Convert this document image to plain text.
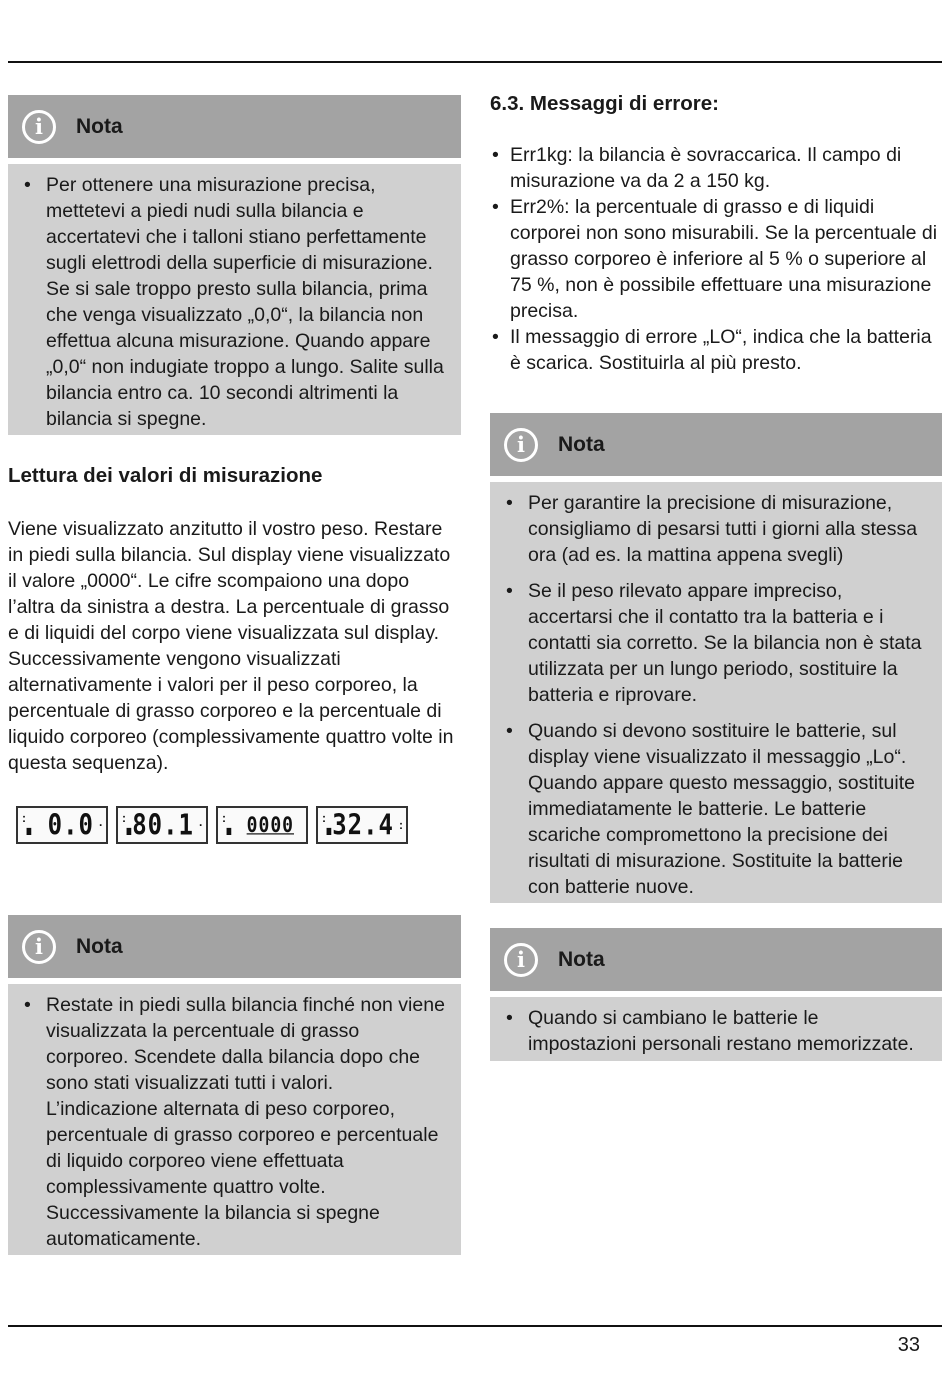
i	Nota
• Per ottenere una misurazione precisa, mettetevi a piedi nudi sulla bilancia e accertatevi che i talloni stiano perfettamente sugli elettrodi della superficie di misurazione. Se si sale troppo presto sulla bilancia, prima che venga visualizzato „0,0“, la bilancia non effettua alcuna misurazione. Quando appare „0,0“ non indugiate troppo a lungo. Salite sulla bilancia entro ca. 10 secondi altrimenti la bilancia si spegne.
Lettura dei valori di misurazione

Viene visualizzato anzitutto il vostro peso. Restare in piedi sulla bilancia. Sul display viene visualizzato il valore „0000“. Le cifre scompaiono una dopo l’altra da sinistra a destra. La percentuale di grasso e di liquidi del corpo viene visualizzata sul display. Successivamente vengono visualizzati alternativamente i valori per il peso corporeo, la percentuale di grasso corporeo e la percentuale di liquido corporeo (complessivamente quattro volte in questa sequenza).

:
▗ 0.0 · :
▗ 80.1 · :
▗ 0000 :
▗ 32.4 :
i	Nota
• Restate in piedi sulla bilancia finché non viene visualizzata la percentuale di grasso corporeo. Scendete dalla bilancia dopo che sono stati visualizzati tutti i valori. L’indicazione alternata di peso corporeo, percentuale di grasso corporeo e percentuale di liquido corporeo viene effettuata complessivamente quattro volte. Successivamente la bilancia si spegne automaticamente.
6.3. Messaggi di errore:
• Err1kg: la bilancia è sovraccarica. Il campo di misurazione va da 2 a 150 kg.
• Err2%: la percentuale di grasso e di liquidi corporei non sono misurabili. Se la percentuale di grasso corporeo è inferiore al 5 % o superiore al 75 %, non è possibile effettuare una misurazione precisa.
• Il messaggio di errore „LO“, indica che la batteria è scarica. Sostituirla al più presto.
i	Nota
• Per garantire la precisione di misurazione, consigliamo di pesarsi tutti i giorni alla stessa ora (ad es. la mattina appena svegli)
• Se il peso rilevato appare impreciso, accertarsi che il contatto tra la batteria e i contatti sia corretto. Se la bilancia non è stata utilizzata per un lungo periodo, sostituire la batteria e riprovare.
• Quando si devono sostituire le batterie, sul display viene visualizzato il messaggio „Lo“. Quando appare questo messaggio, sostituite immediatamente le batterie. Le batterie scariche compromettono la precisione dei risultati di misurazione. Sostituite la batterie con batterie nuove.
i	Nota
• Quando si cambiano le batterie le impostazioni personali restano memorizzate.
33
